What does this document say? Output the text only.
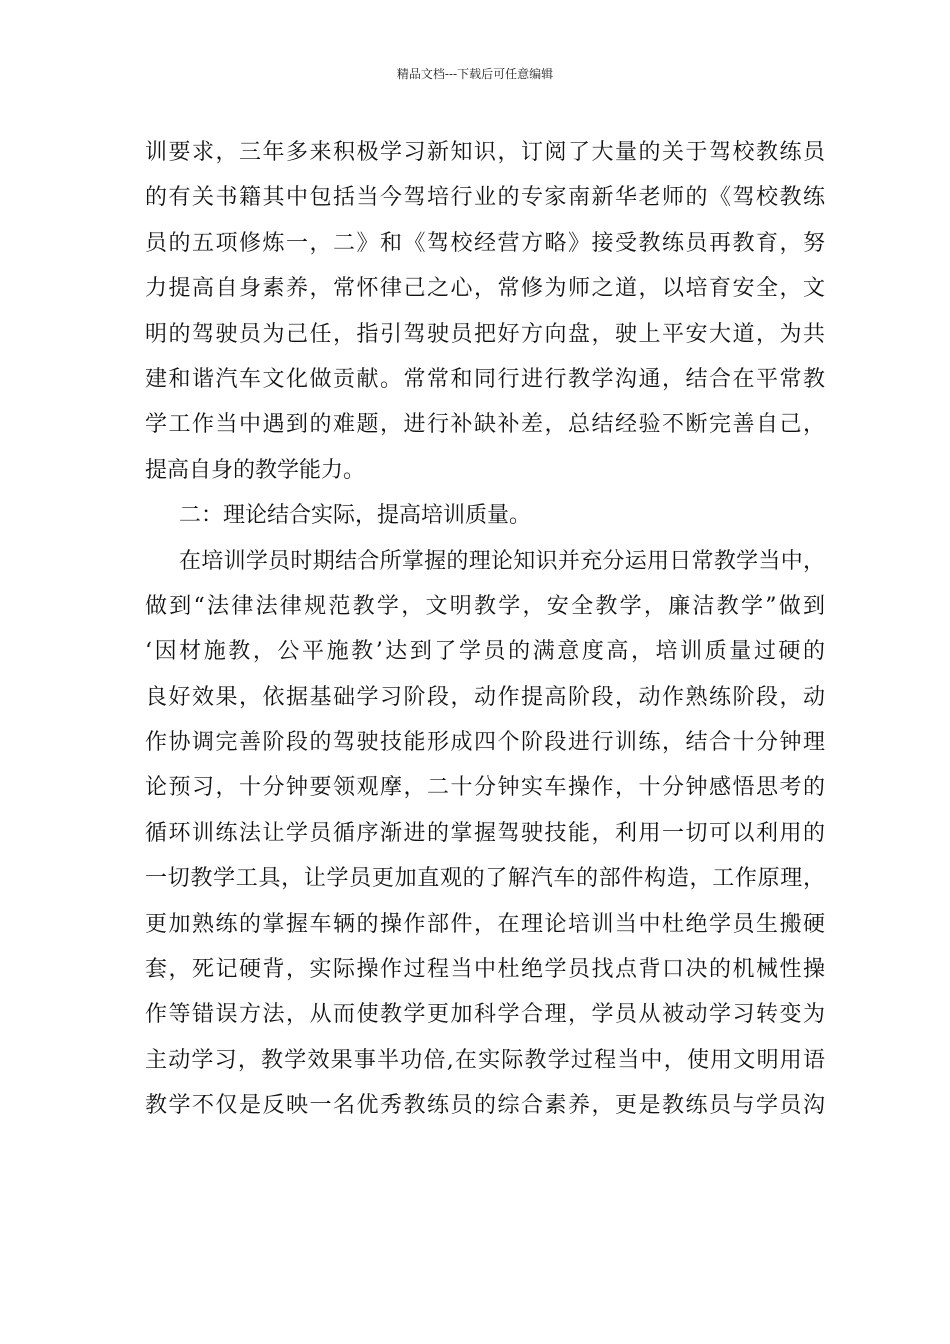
精品文档---下载后可任意编辑
训要求，三年多来积极学习新知识，订阅了大量的关于驾校教练员
的有关书籍其中包括当今驾培行业的专家南新华老师的《驾校教练
员的五项修炼一，二》和《驾校经营方略》接受教练员再教育，努
力提高自身素养，常怀律己之心，常修为师之道，以培育安全，文
明的驾驶员为己任，指引驾驶员把好方向盘，驶上平安大道，为共
建和谐汽车文化做贡献。常常和同行进行教学沟通，结合在平常教
学工作当中遇到的难题，进行补缺补差，总结经验不断完善自己，
提高自身的教学能力。
二：理论结合实际，提高培训质量。
在培训学员时期结合所掌握的理论知识并充分运用日常教学当中，
做到“法律法律规范教学，文明教学，安全教学，廉洁教学”做到
‘因材施教，公平施教’达到了学员的满意度高，培训质量过硬的
良好效果，依据基础学习阶段，动作提高阶段，动作熟练阶段，动
作协调完善阶段的驾驶技能形成四个阶段进行训练，结合十分钟理
论预习，十分钟要领观摩，二十分钟实车操作，十分钟感悟思考的
循环训练法让学员循序渐进的掌握驾驶技能，利用一切可以利用的
一切教学工具，让学员更加直观的了解汽车的部件构造，工作原理，
更加熟练的掌握车辆的操作部件，在理论培训当中杜绝学员生搬硬
套，死记硬背，实际操作过程当中杜绝学员找点背口决的机械性操
作等错误方法，从而使教学更加科学合理，学员从被动学习转变为
主动学习，教学效果事半功倍,在实际教学过程当中，使用文明用语
教学不仅是反映一名优秀教练员的综合素养，更是教练员与学员沟
